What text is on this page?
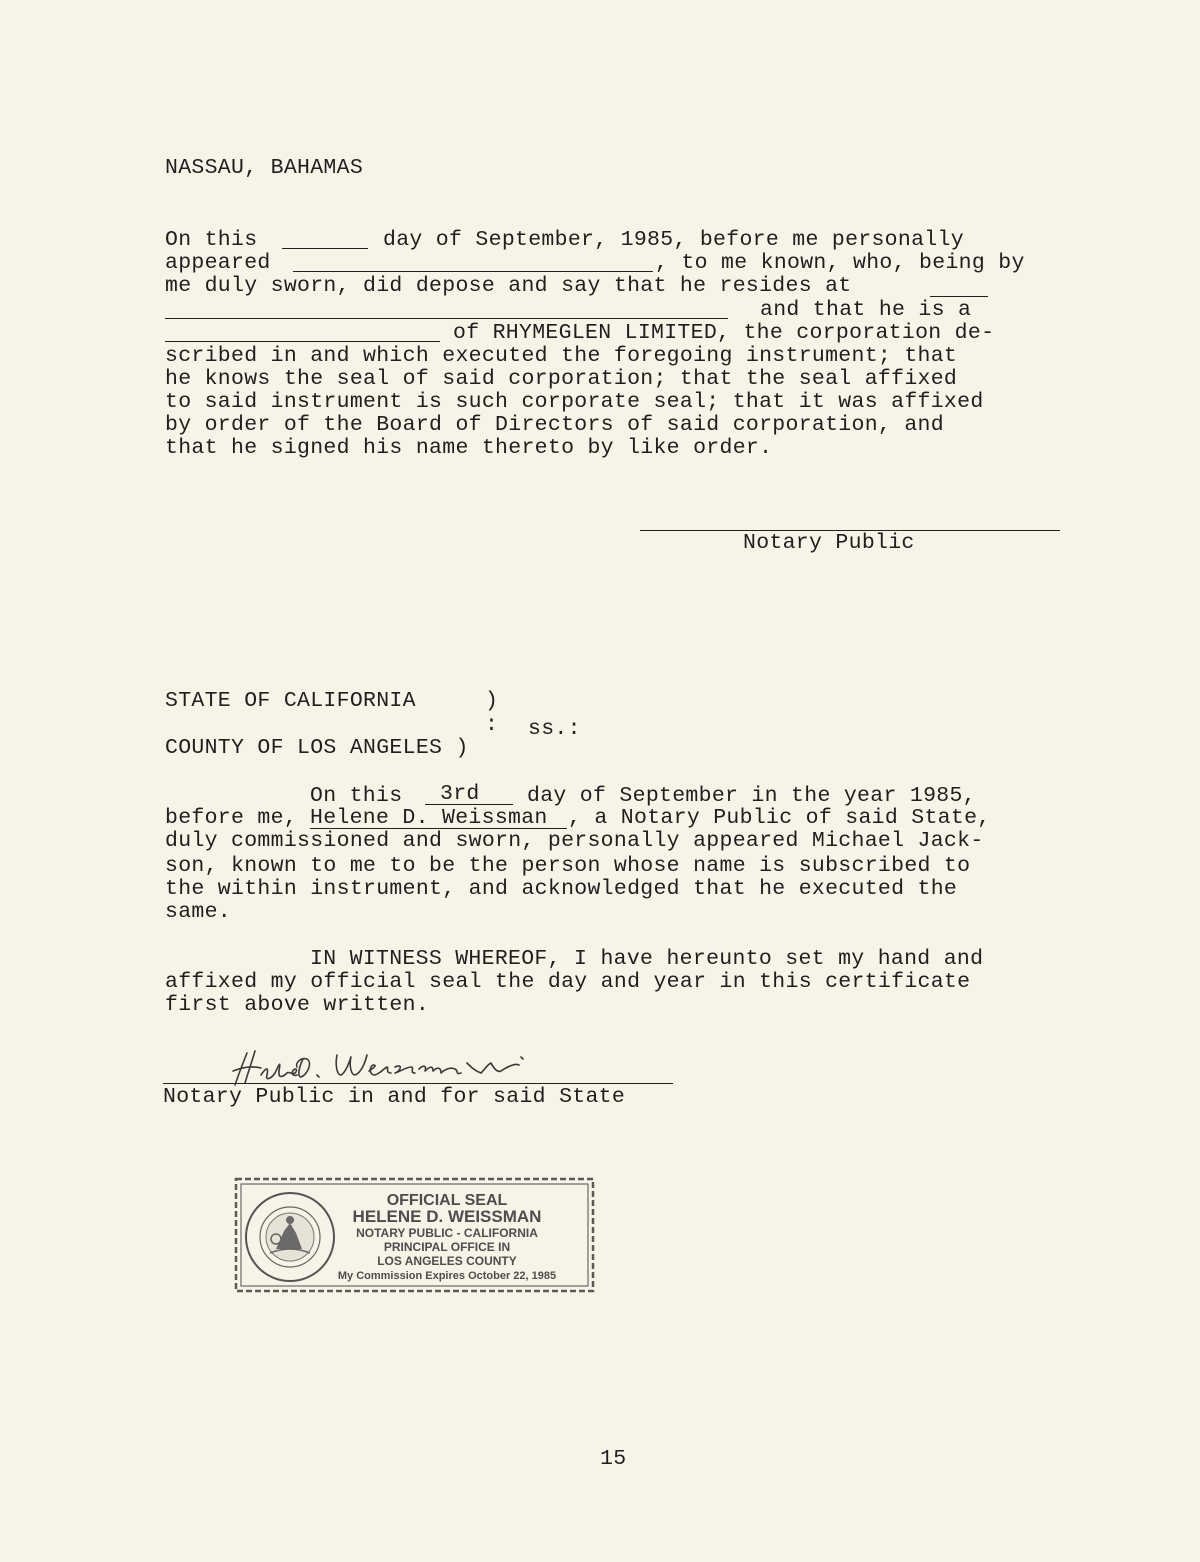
NASSAU, BAHAMAS
On this	day of September, 1985, before me personally
appeared	, to me known, who, being by
me duly sworn, did depose and say that he resides at
and that he is a
of RHYMEGLEN LIMITED, the corporation de-
scribed in and which executed the foregoing instrument; that
he knows the seal of said corporation; that the seal affixed
to said instrument is such corporate seal; that it was affixed
by order of the Board of Directors of said corporation, and
that he signed his name thereto by like order.
Notary Public
STATE OF CALIFORNIA	)
: ss.:
COUNTY OF LOS ANGELES )
On this 3rd day of September in the year 1985,
before me, Helene D. Weissman , a Notary Public of said State,
duly commissioned and sworn, personally appeared Michael Jack-
son, known to me to be the person whose name is subscribed to
the within instrument, and acknowledged that he executed the
same.
IN WITNESS WHEREOF, I have hereunto set my hand and
affixed my official seal the day and year in this certificate
first above written.
Notary Public in and for said State
OFFICIAL SEAL
HELENE D. WEISSMAN
NOTARY PUBLIC - CALIFORNIA
PRINCIPAL OFFICE IN
LOS ANGELES COUNTY
My Commission Expires October 22, 1985
15
